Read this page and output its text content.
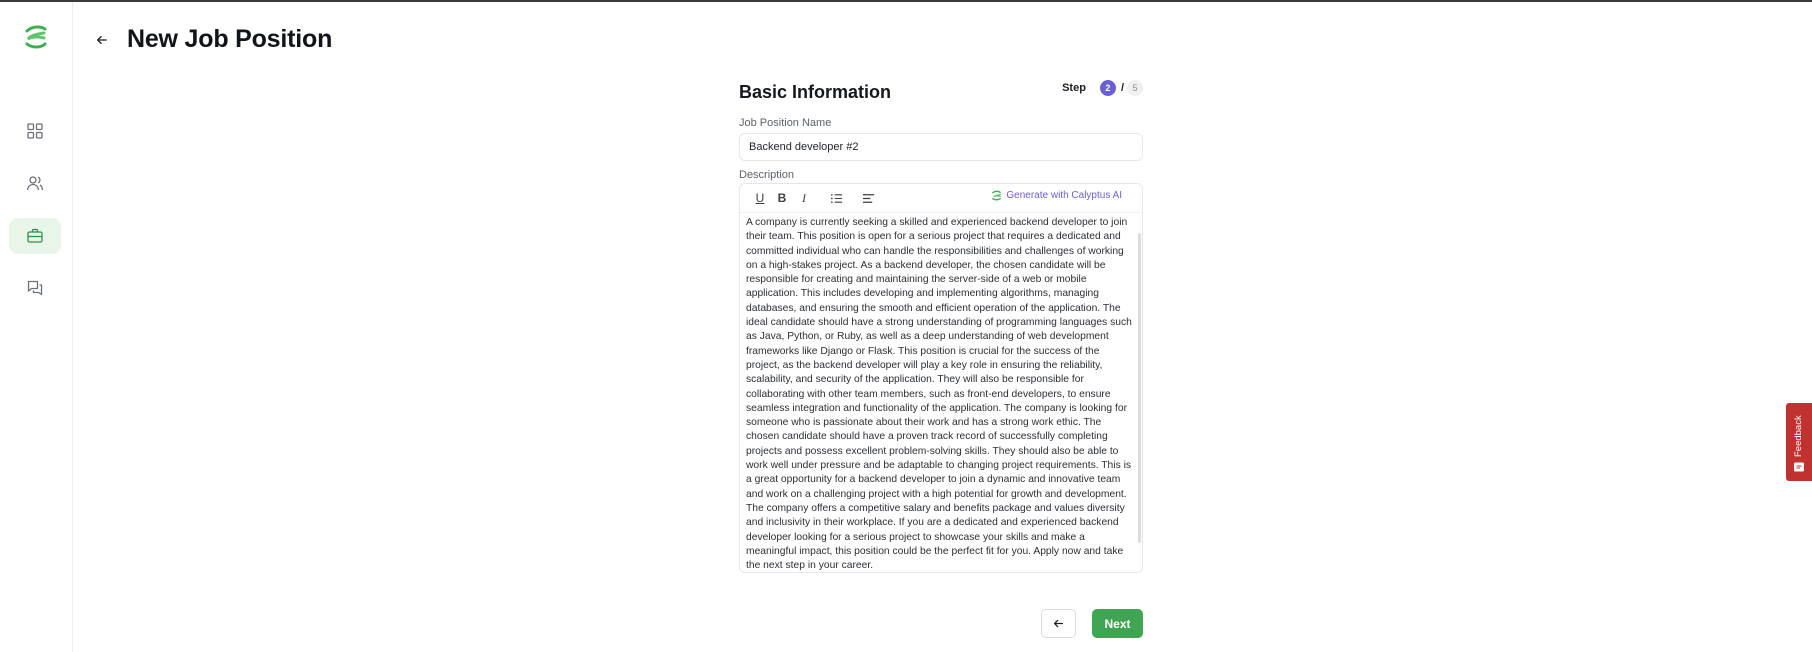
New Job Position
Basic Information	Step	2 / 5
Job Position Name
Backend developer #2
Description
U	B	I	Generate with Calyptus AI
A company is currently seeking a skilled and experienced backend developer to join their team. This position is open for a serious project that requires a dedicated and committed individual who can handle the responsibilities and challenges of working on a high-stakes project. As a backend developer, the chosen candidate will be responsible for creating and maintaining the server-side of a web or mobile application. This includes developing and implementing algorithms, managing databases, and ensuring the smooth and efficient operation of the application. The ideal candidate should have a strong understanding of programming languages such as Java, Python, or Ruby, as well as a deep understanding of web development frameworks like Django or Flask. This position is crucial for the success of the project, as the backend developer will play a key role in ensuring the reliability, scalability, and security of the application. They will also be responsible for collaborating with other team members, such as front-end developers, to ensure seamless integration and functionality of the application. The company is looking for someone who is passionate about their work and has a strong work ethic. The chosen candidate should have a proven track record of successfully completing projects and possess excellent problem-solving skills. They should also be able to work well under pressure and be adaptable to changing project requirements. This is a great opportunity for a backend developer to join a dynamic and innovative team and work on a challenging project with a high potential for growth and development. The company offers a competitive salary and benefits package and values diversity and inclusivity in their workplace. If you are a dedicated and experienced backend developer looking for a serious project to showcase your skills and make a meaningful impact, this position could be the perfect fit for you. Apply now and take the next step in your career.
Next
Feedback
